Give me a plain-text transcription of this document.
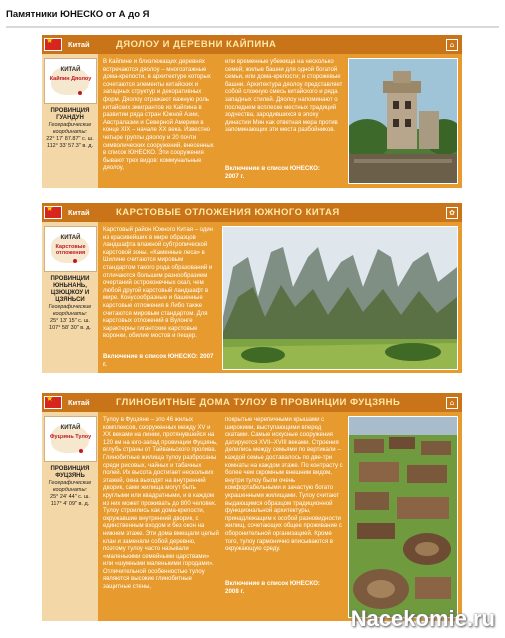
Памятники ЮНЕСКО от А до Я
★
Китай	ДЯОЛОУ И ДЕРЕВНИ КАЙПИНА	⌂
КИТАЙ
Кайпин Дяолоу
ПРОВИНЦИЯ ГУАНДУН
Географические координаты:
22° 17' 87.87" с. ш. 112° 33' 57.3" в. д.

В Кайпине и близлежащих деревнях встречаются дяолоу – многоэтажные дома-крепости, в архитектуре которых сочетаются элементы китайских и западных структур и декоративных форм. Дяолоу отражают важную роль китайских эмигрантов из Кайпина в развитии ряда стран Южной Азии, Австралазии и Северной Америки в конце XIX – начале XX века. Известно четыре группы дяолоу и 20 почти символических сооружений, внесенных в список ЮНЕСКО. Эти сооружения бывают трех видов: коммунальные дяолоу,

или временные убежища на несколько семей; жилые башни для одной богатой семьи, или дома-крепости; и сторожевые башни. Архитектура дяолоу представляет собой сложную смесь китайского и ряда западных стилей. Дяолоу напоминают о последнем всплеске местных традиций зодчества, зародившихся в эпоху династии Мин как ответная мера против запоминающих эти места разбойников.

Включение в список ЮНЕСКО: 2007 г.
★
Китай	КАРСТОВЫЕ ОТЛОЖЕНИЯ ЮЖНОГО КИТАЯ	✿
КИТАЙ
Карстовые отложения
ПРОВИНЦИИ ЮНЬНАНЬ, ЦЗЮЦЖОУ И ЦЗЯНЬСИ
Географические координаты:
25° 13' 15" с. ш. 107° 58' 30" в. д.

Карстовый район Южного Китая – один из красивейших в мире образцов ландшафта влажной субтропической карстовой зоны. «Каменные леса» в Шилине считаются мировым стандартом такого рода образований и отличаются большим разнообразием очертаний остроконечных скал, чем любой другой карстовый ландшафт в мире. Конусообразные и башенные карстовые отложения в Либо также считаются мировым стандартом. Для карстовых отложений в Вулонге характерны гигантские карстовые воронки, обилие мостов и пещер.

Включение в список ЮНЕСКО: 2007 г.
★
Китай	ГЛИНОБИТНЫЕ ДОМА ТУЛОУ В ПРОВИНЦИИ ФУЦЗЯНЬ	⌂
КИТАЙ
Фуцзянь Тулоу
ПРОВИНЦИЯ ФУЦЗЯНЬ
Географические координаты:
25° 24' 44" с. ш. 117° 4' 09" в. д.

Тулоу в Фуцзяне – это 46 жилых комплексов, сооруженных между XV и XX веками на линии, протянувшейся на 120 км на юго-запад провинции Фуцзянь, вглубь страны от Тайваньского пролива. Глинобитные жилища тулоу разбросаны среди рисовых, чайных и табачных полей. Их высота достигает нескольких этажей, окна выходят на внутренний дворик, сами жилища могут быть круглыми или квадратными, и в каждом из них может проживать до 800 человек. Тулоу строились как дома-крепости, окружавшие внутренний дворик, с единственным входом и без окон на нижнем этаже. Эти дома вмещали целый клан и заменяли собой деревню, поэтому тулоу часто называли «маленькими семейными царствами» или «шумными маленькими городами». Отличительной особенностью тулоу являются высокие глинобитные защитные стены,

покрытые черепичными крышами с широкими, выступающими вперед скатами. Самые искусные сооружения датируются XVII–XVIII веками. Строения делились между семьями по вертикали – каждой семье доставалось по две-три комнаты на каждом этаже. По контрасту с более чем скромным внешним видом, внутри тулоу были очень комфортабельными и зачастую богато украшенными жилищами. Тулоу считают выдающимся образцом традиционной функциональной архитектуры, принадлежащим к особой разновидности жилищ, сочетающих общее проживание с оборонительной организацией. Кроме того, тулоу гармонично вписываются в окружающую среду.

Включение в список ЮНЕСКО: 2008 г.
Nacekomie.ru
